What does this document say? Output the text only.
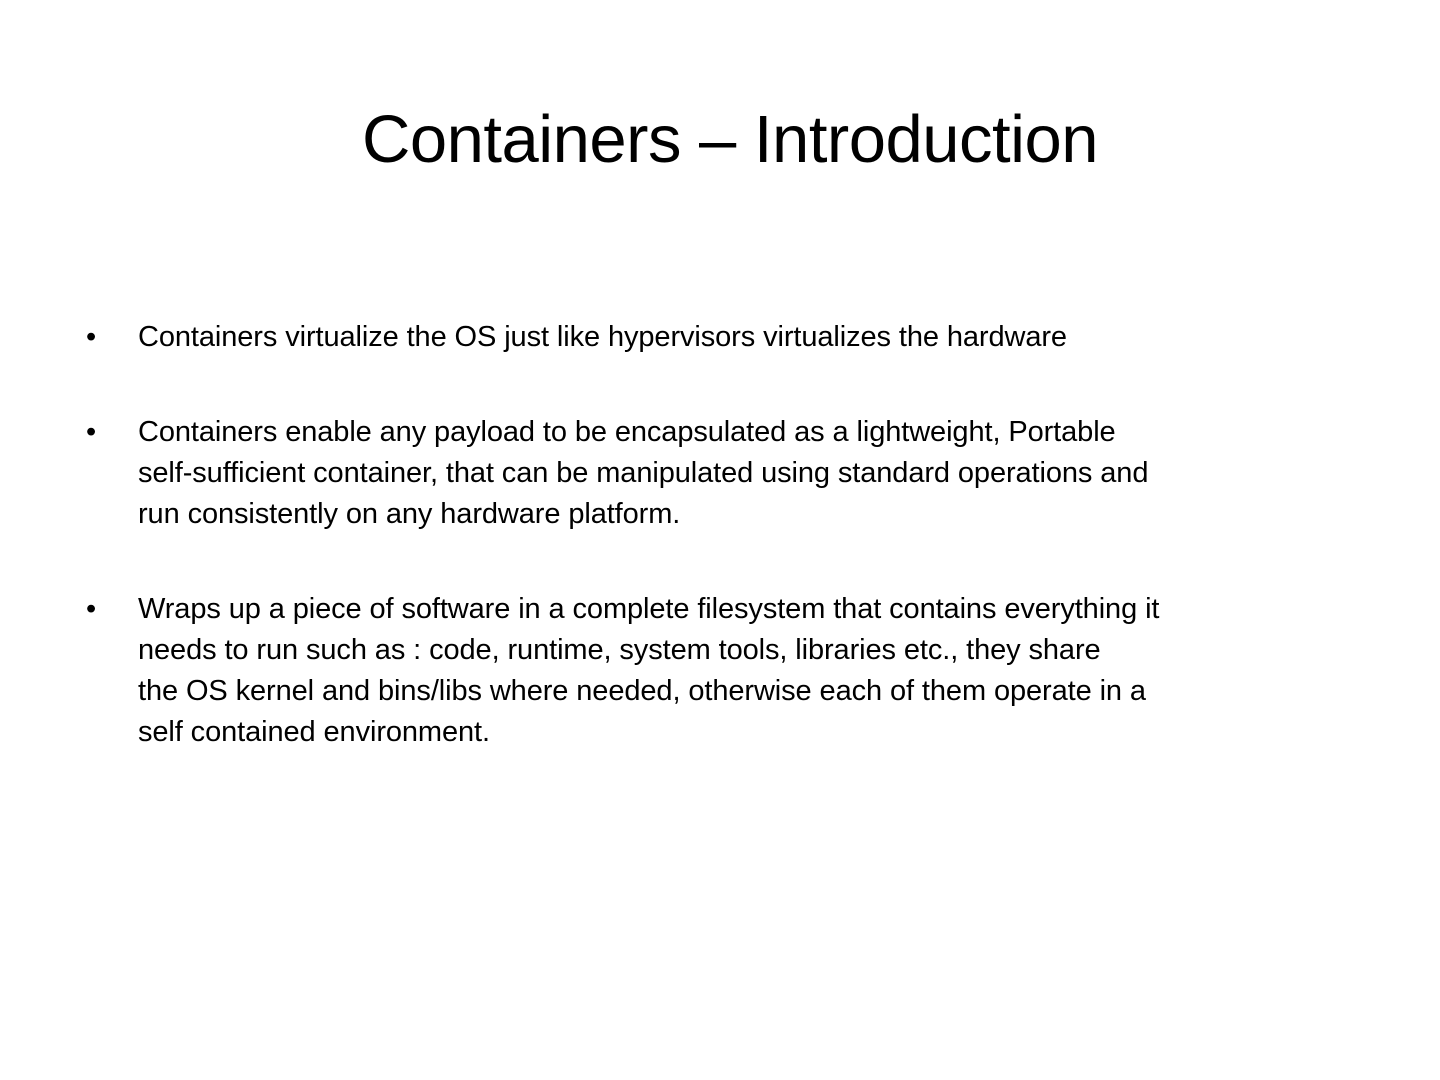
Containers – Introduction
•	Containers virtualize the OS just like hypervisors virtualizes the hardware
•	Containers enable any payload to be encapsulated as a lightweight, Portable
self-sufficient container, that can be manipulated using standard operations and
run consistently on any hardware platform.
•	Wraps up a piece of software in a complete filesystem that contains everything it
needs to run such as : code, runtime, system tools, libraries etc., they share
the OS kernel and bins/libs where needed, otherwise each of them operate in a
self contained environment.
